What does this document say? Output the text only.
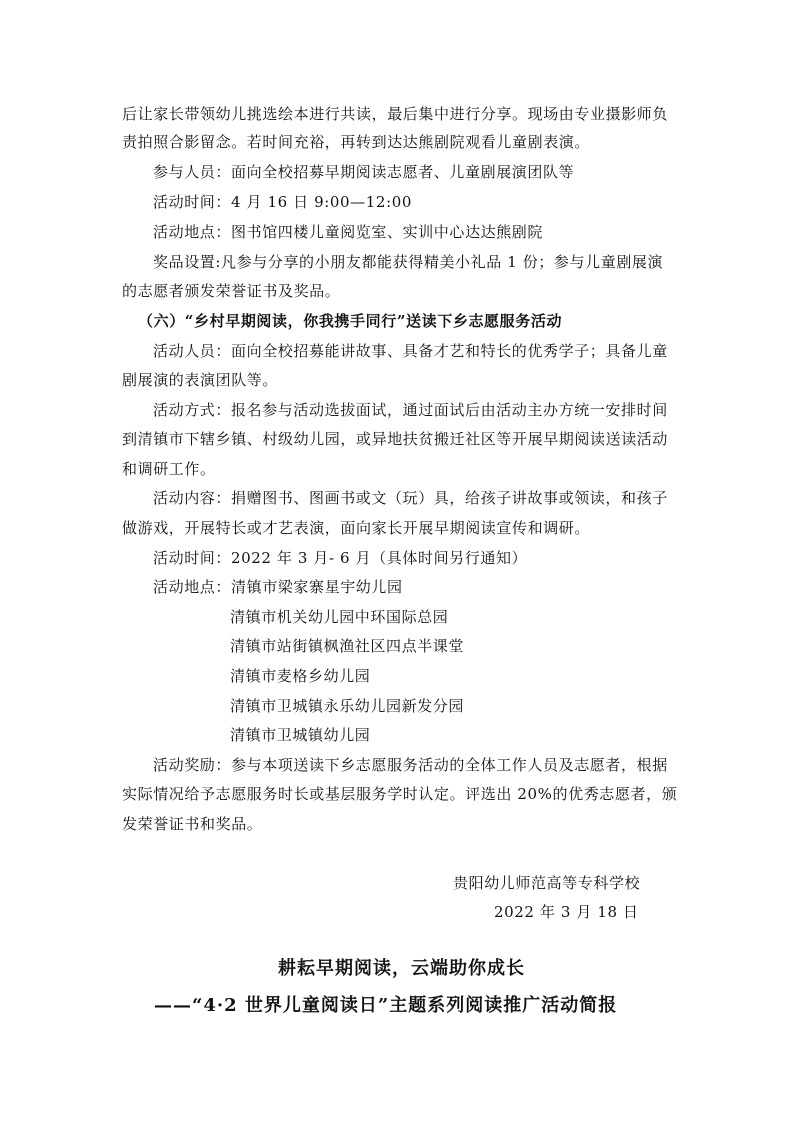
后让家长带领幼儿挑选绘本进行共读，最后集中进行分享。现场由专业摄影师负
责拍照合影留念。若时间充裕，再转到达达熊剧院观看儿童剧表演。
参与人员：面向全校招募早期阅读志愿者、儿童剧展演团队等
活动时间：4 月 16 日 9:00—12:00
活动地点：图书馆四楼儿童阅览室、实训中心达达熊剧院
奖品设置:凡参与分享的小朋友都能获得精美小礼品 1 份；参与儿童剧展演
的志愿者颁发荣誉证书及奖品。
（六）“乡村早期阅读，你我携手同行”送读下乡志愿服务活动
活动人员：面向全校招募能讲故事、具备才艺和特长的优秀学子；具备儿童
剧展演的表演团队等。
活动方式：报名参与活动选拔面试，通过面试后由活动主办方统一安排时间
到清镇市下辖乡镇、村级幼儿园，或异地扶贫搬迁社区等开展早期阅读送读活动
和调研工作。
活动内容：捐赠图书、图画书或文（玩）具，给孩子讲故事或领读，和孩子
做游戏，开展特长或才艺表演，面向家长开展早期阅读宣传和调研。
活动时间：2022 年 3 月- 6 月（具体时间另行通知）
活动地点：清镇市梁家寨星宇幼儿园
清镇市机关幼儿园中环国际总园
清镇市站街镇枫渔社区四点半课堂
清镇市麦格乡幼儿园
清镇市卫城镇永乐幼儿园新发分园
清镇市卫城镇幼儿园
活动奖励：参与本项送读下乡志愿服务活动的全体工作人员及志愿者，根据
实际情况给予志愿服务时长或基层服务学时认定。评选出 20%的优秀志愿者，颁
发荣誉证书和奖品。
贵阳幼儿师范高等专科学校
2022 年 3 月 18 日
耕耘早期阅读，云端助你成长
——“4·2 世界儿童阅读日”主题系列阅读推广活动简报
